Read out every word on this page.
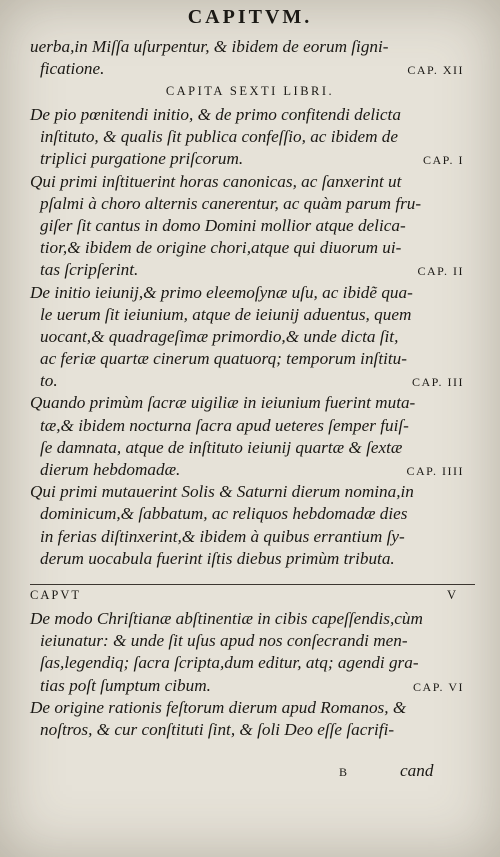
CAPITVM.
uerba,in Miſſa uſurpentur, & ibidem de eorum ſigni-
ficatione.	CAP. XII
CAPITA SEXTI LIBRI.
De pio pœnitendi initio, & de primo confitendi delicta
inſtituto, & qualis ſit publica confeſſio, ac ibidem de
triplici purgatione priſcorum.	CAP. I
Qui primi inſtituerint horas canonicas, ac ſanxerint ut
pſalmi à choro alternis canerentur, ac quàm parum fru-
giſer ſit cantus in domo Domini mollior atque delica-
tior,& ibidem de origine chori,atque qui diuorum ui-
tas ſcripſerint.	CAP. II
De initio ieiunij,& primo eleemoſynæ uſu, ac ibidẽ qua-
le uerum ſit ieiunium, atque de ieiunij aduentus, quem
uocant,& quadrageſimæ primordio,& unde dicta ſit,
ac feriæ quartæ cinerum quatuorq; temporum inſtitu-
to.	CAP. III
Quando primùm ſacræ uigiliæ in ieiunium fuerint muta-
tæ,& ibidem nocturna ſacra apud ueteres ſemper fuiſ-
ſe damnata, atque de inſtituto ieiunij quartæ & ſextæ
dierum hebdomadæ.	CAP. IIII
Qui primi mutauerint Solis & Saturni dierum nomina,in
dominicum,& ſabbatum, ac reliquos hebdomadæ dies
in ferias diſtinxerint,& ibidem à quibus errantium ſy-
derum uocabula fuerint iſtis diebus primùm tributa.
CAPVT	V
De modo Chriſtianæ abſtinentiæ in cibis capeſſendis,cùm
ieiunatur: & unde ſit uſus apud nos conſecrandi men-
ſas,legendiq; ſacra ſcripta,dum editur, atq; agendi gra-
tias poſt ſumptum cibum.	CAP. VI
De origine rationis feſtorum dierum apud Romanos, &
noſtros, & cur conſtituti ſint, & ſoli Deo eſſe ſacrifi-
B	cand
